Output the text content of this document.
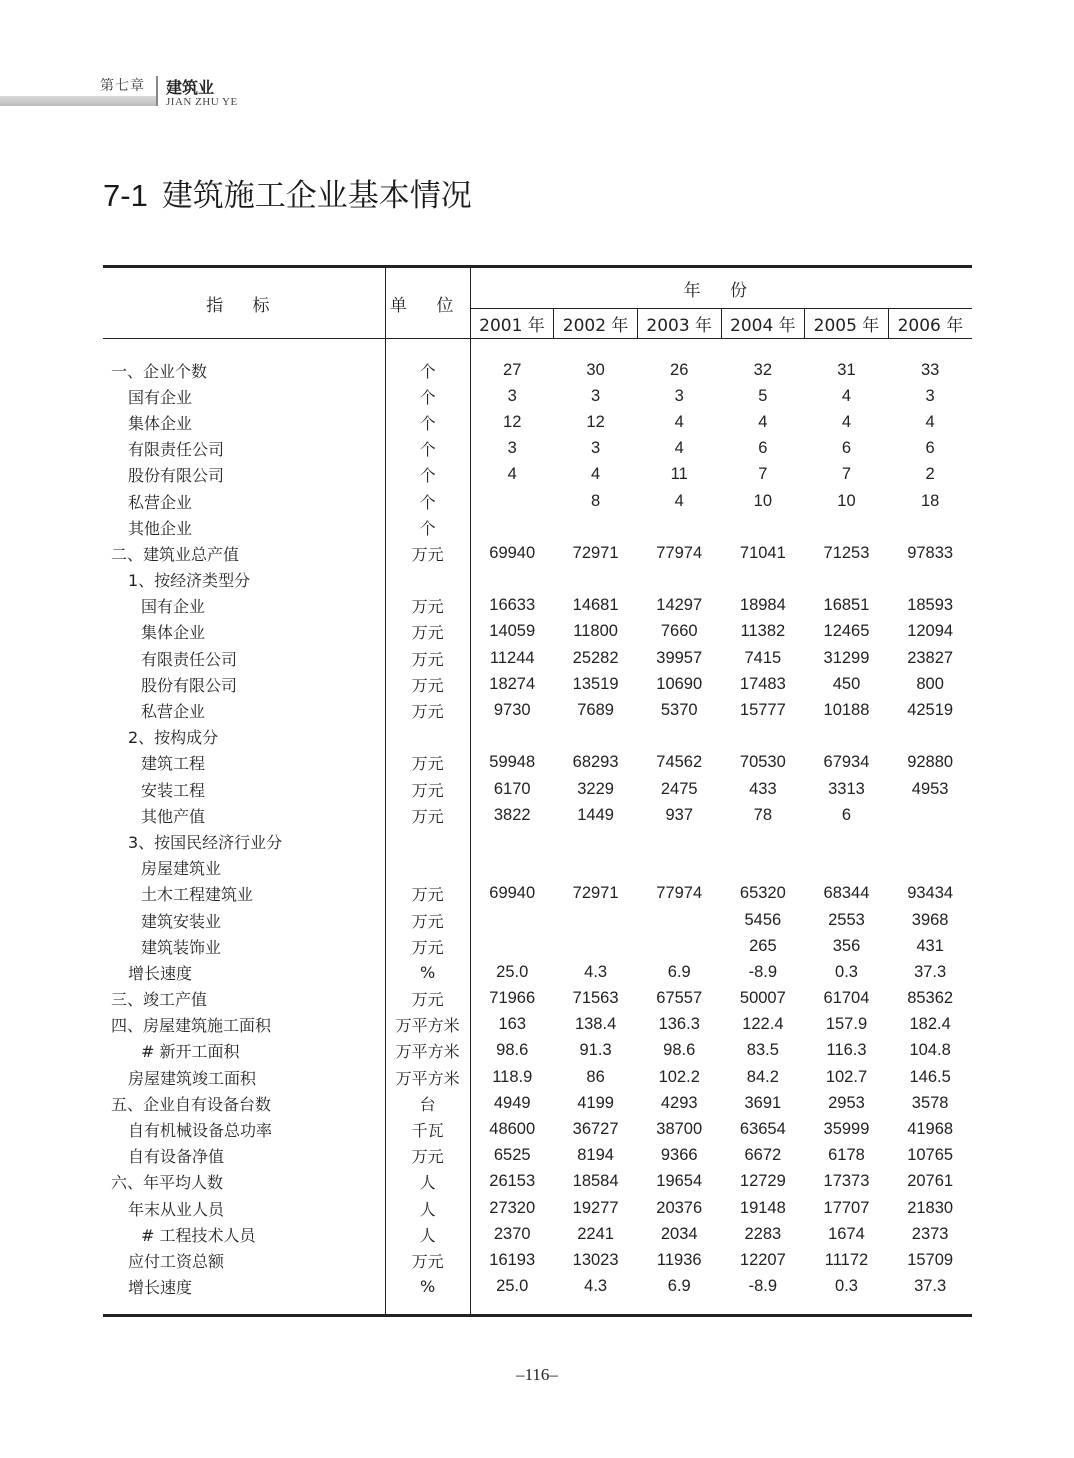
第七章	建筑业
JIAN ZHU YE
7-1 建筑施工企业基本情况
指 标	单 位	年 份					
		2001 年	2002 年	2003 年	2004 年	2005 年	2006 年

一、企业个数	个	27	30	26	32	31	33
国有企业	个	3	3	3	5	4	3
集体企业	个	12	12	4	4	4	4
有限责任公司	个	3	3	4	6	6	6
股份有限公司	个	4	4	11	7	7	2
私营企业	个		8	4	10	10	18
其他企业	个						
二、建筑业总产值	万元	69940	72971	77974	71041	71253	97833
1、按经济类型分							
国有企业	万元	16633	14681	14297	18984	16851	18593
集体企业	万元	14059	11800	7660	11382	12465	12094
有限责任公司	万元	11244	25282	39957	7415	31299	23827
股份有限公司	万元	18274	13519	10690	17483	450	800
私营企业	万元	9730	7689	5370	15777	10188	42519
2、按构成分							
建筑工程	万元	59948	68293	74562	70530	67934	92880
安装工程	万元	6170	3229	2475	433	3313	4953
其他产值	万元	3822	1449	937	78	6	
3、按国民经济行业分							
房屋建筑业							
土木工程建筑业	万元	69940	72971	77974	65320	68344	93434
建筑安装业	万元				5456	2553	3968
建筑装饰业	万元				265	356	431
增长速度	%	25.0	4.3	6.9	-8.9	0.3	37.3
三、竣工产值	万元	71966	71563	67557	50007	61704	85362
四、房屋建筑施工面积	万平方米	163	138.4	136.3	122.4	157.9	182.4
# 新开工面积	万平方米	98.6	91.3	98.6	83.5	116.3	104.8
房屋建筑竣工面积	万平方米	118.9	86	102.2	84.2	102.7	146.5
五、企业自有设备台数	台	4949	4199	4293	3691	2953	3578
自有机械设备总功率	千瓦	48600	36727	38700	63654	35999	41968
自有设备净值	万元	6525	8194	9366	6672	6178	10765
六、年平均人数	人	26153	18584	19654	12729	17373	20761
年末从业人员	人	27320	19277	20376	19148	17707	21830
# 工程技术人员	人	2370	2241	2034	2283	1674	2373
应付工资总额	万元	16193	13023	11936	12207	11172	15709
增长速度	%	25.0	4.3	6.9	-8.9	0.3	37.3

–116–
